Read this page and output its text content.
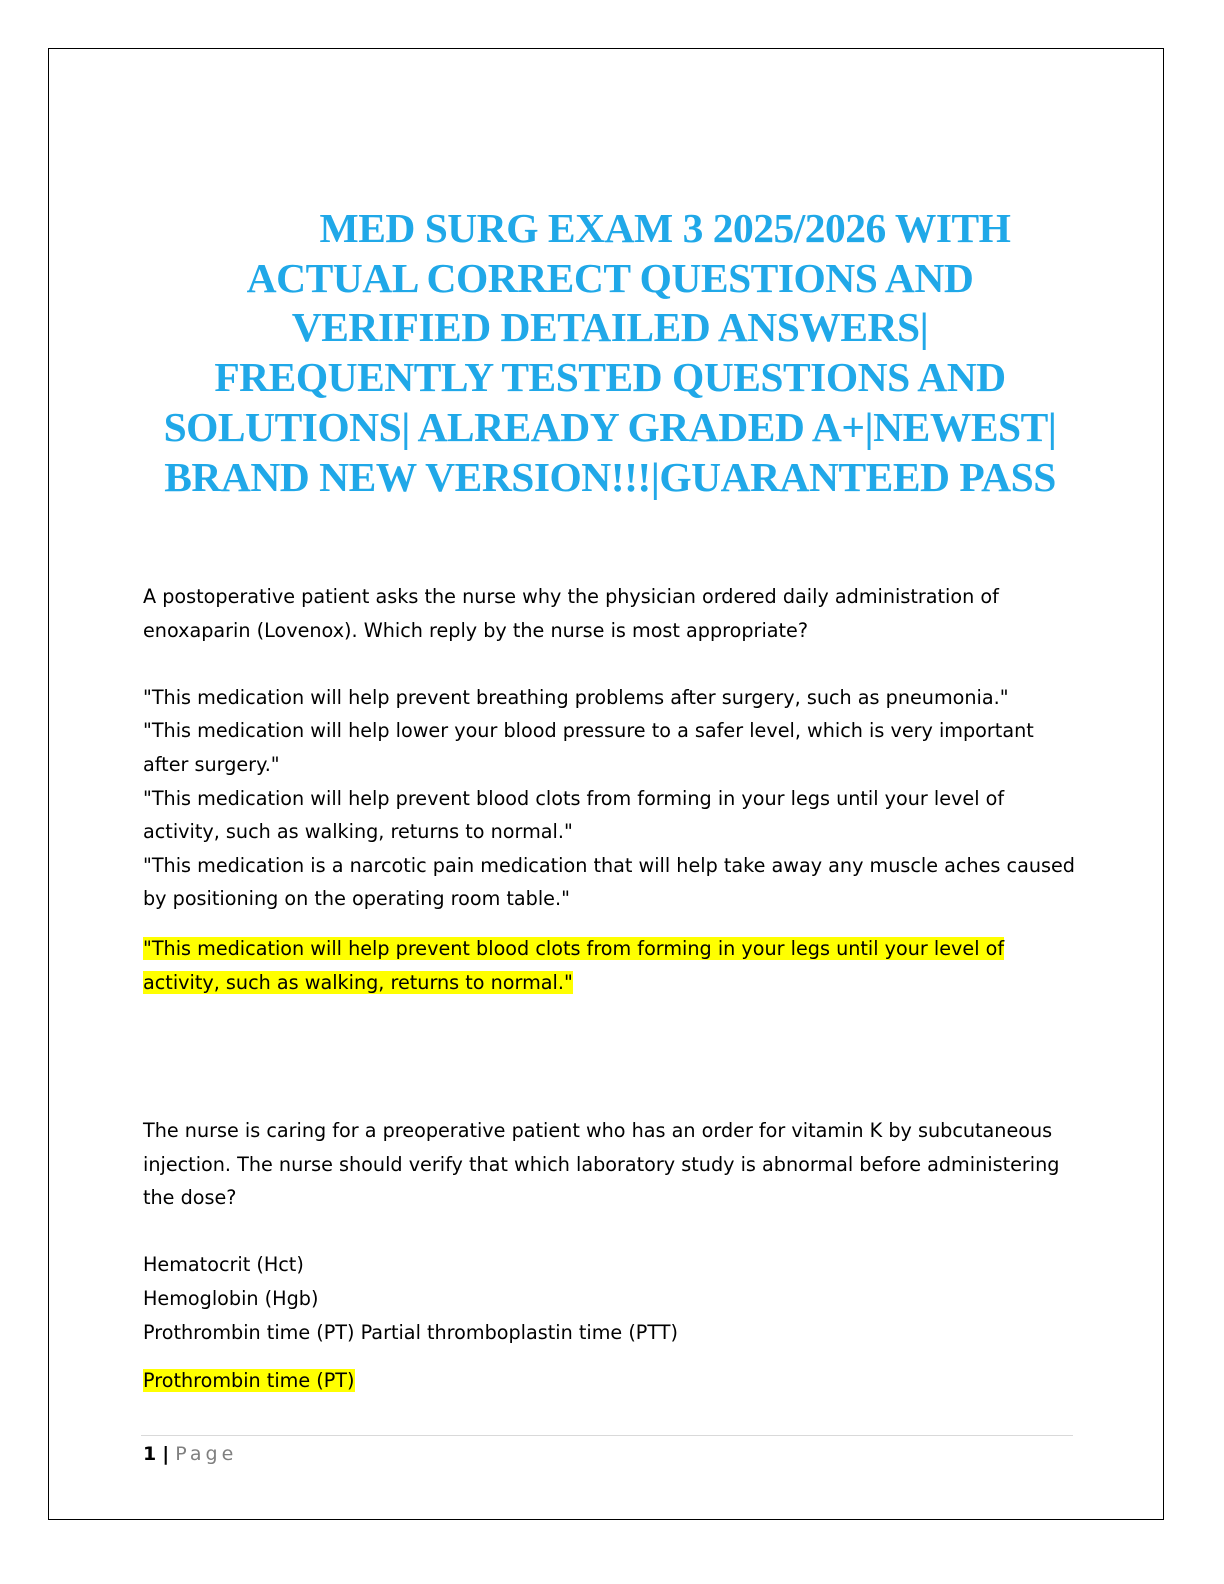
MED SURG EXAM 3 2025/2026 WITH
ACTUAL CORRECT QUESTIONS AND
VERIFIED DETAILED ANSWERS|
FREQUENTLY TESTED QUESTIONS AND
SOLUTIONS| ALREADY GRADED A+|NEWEST|
BRAND NEW VERSION!!!|GUARANTEED PASS

A postoperative patient asks the nurse why the physician ordered daily administration of

enoxaparin (Lovenox). Which reply by the nurse is most appropriate?

"This medication will help prevent breathing problems after surgery, such as pneumonia."

"This medication will help lower your blood pressure to a safer level, which is very important

after surgery."

"This medication will help prevent blood clots from forming in your legs until your level of

activity, such as walking, returns to normal."

"This medication is a narcotic pain medication that will help take away any muscle aches caused

by positioning on the operating room table."

"This medication will help prevent blood clots from forming in your legs until your level of

activity, such as walking, returns to normal."

The nurse is caring for a preoperative patient who has an order for vitamin K by subcutaneous

injection. The nurse should verify that which laboratory study is abnormal before administering

the dose?

Hematocrit (Hct)

Hemoglobin (Hgb)

Prothrombin time (PT) Partial thromboplastin time (PTT)

Prothrombin time (PT)

1 | Page
